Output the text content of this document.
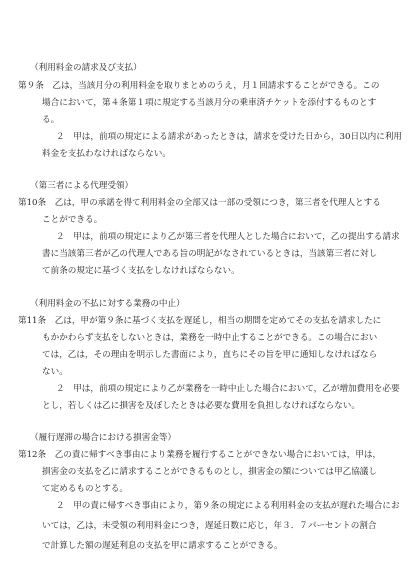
（利用料金の請求及び支払）
第９条　乙は，当該月分の利用料金を取りまとめのうえ，月１回請求することができる。この
場合において，第４条第１項に規定する当該月分の乗車済チケットを添付するものとす
る。
２　甲は，前項の規定による請求があったときは，請求を受けた日から，30日以内に利用
料金を支払わなければならない。
（第三者による代理受領）
第10条　乙は，甲の承諾を得て利用料金の全部又は一部の受領につき，第三者を代理人とする
ことができる。
２　甲は，前項の規定により乙が第三者を代理人とした場合において，乙の提出する請求
書に当該第三者が乙の代理人である旨の明記がなされているときは，当該第三者に対し
て前条の規定に基づく支払をしなければならない。
（利用料金の不払に対する業務の中止）
第11条　乙は，甲が第９条に基づく支払を遅延し，相当の期間を定めてその支払を請求したに
もかかわらず支払をしないときは，業務を一時中止することができる。この場合におい
ては，乙は，その理由を明示した書面により，直ちにその旨を甲に通知しなければなら
ない。
２　甲は，前項の規定により乙が業務を一時中止した場合において，乙が増加費用を必要
とし，若しくは乙に損害を及ぼしたときは必要な費用を負担しなければならない。
（履行遅滞の場合における損害金等）
第12条　乙の責に帰すべき事由により業務を履行することができない場合においては，甲は，
損害金の支払を乙に請求することができるものとし，損害金の額については甲乙協議し
て定めるものとする。
２　甲の責に帰すべき事由により，第９条の規定による利用料金の支払が遅れた場合にお
いては，乙は，未受領の利用料金につき，遅延日数に応じ，年３．７パーセントの割合
で計算した額の遅延利息の支払を甲に請求することができる。
